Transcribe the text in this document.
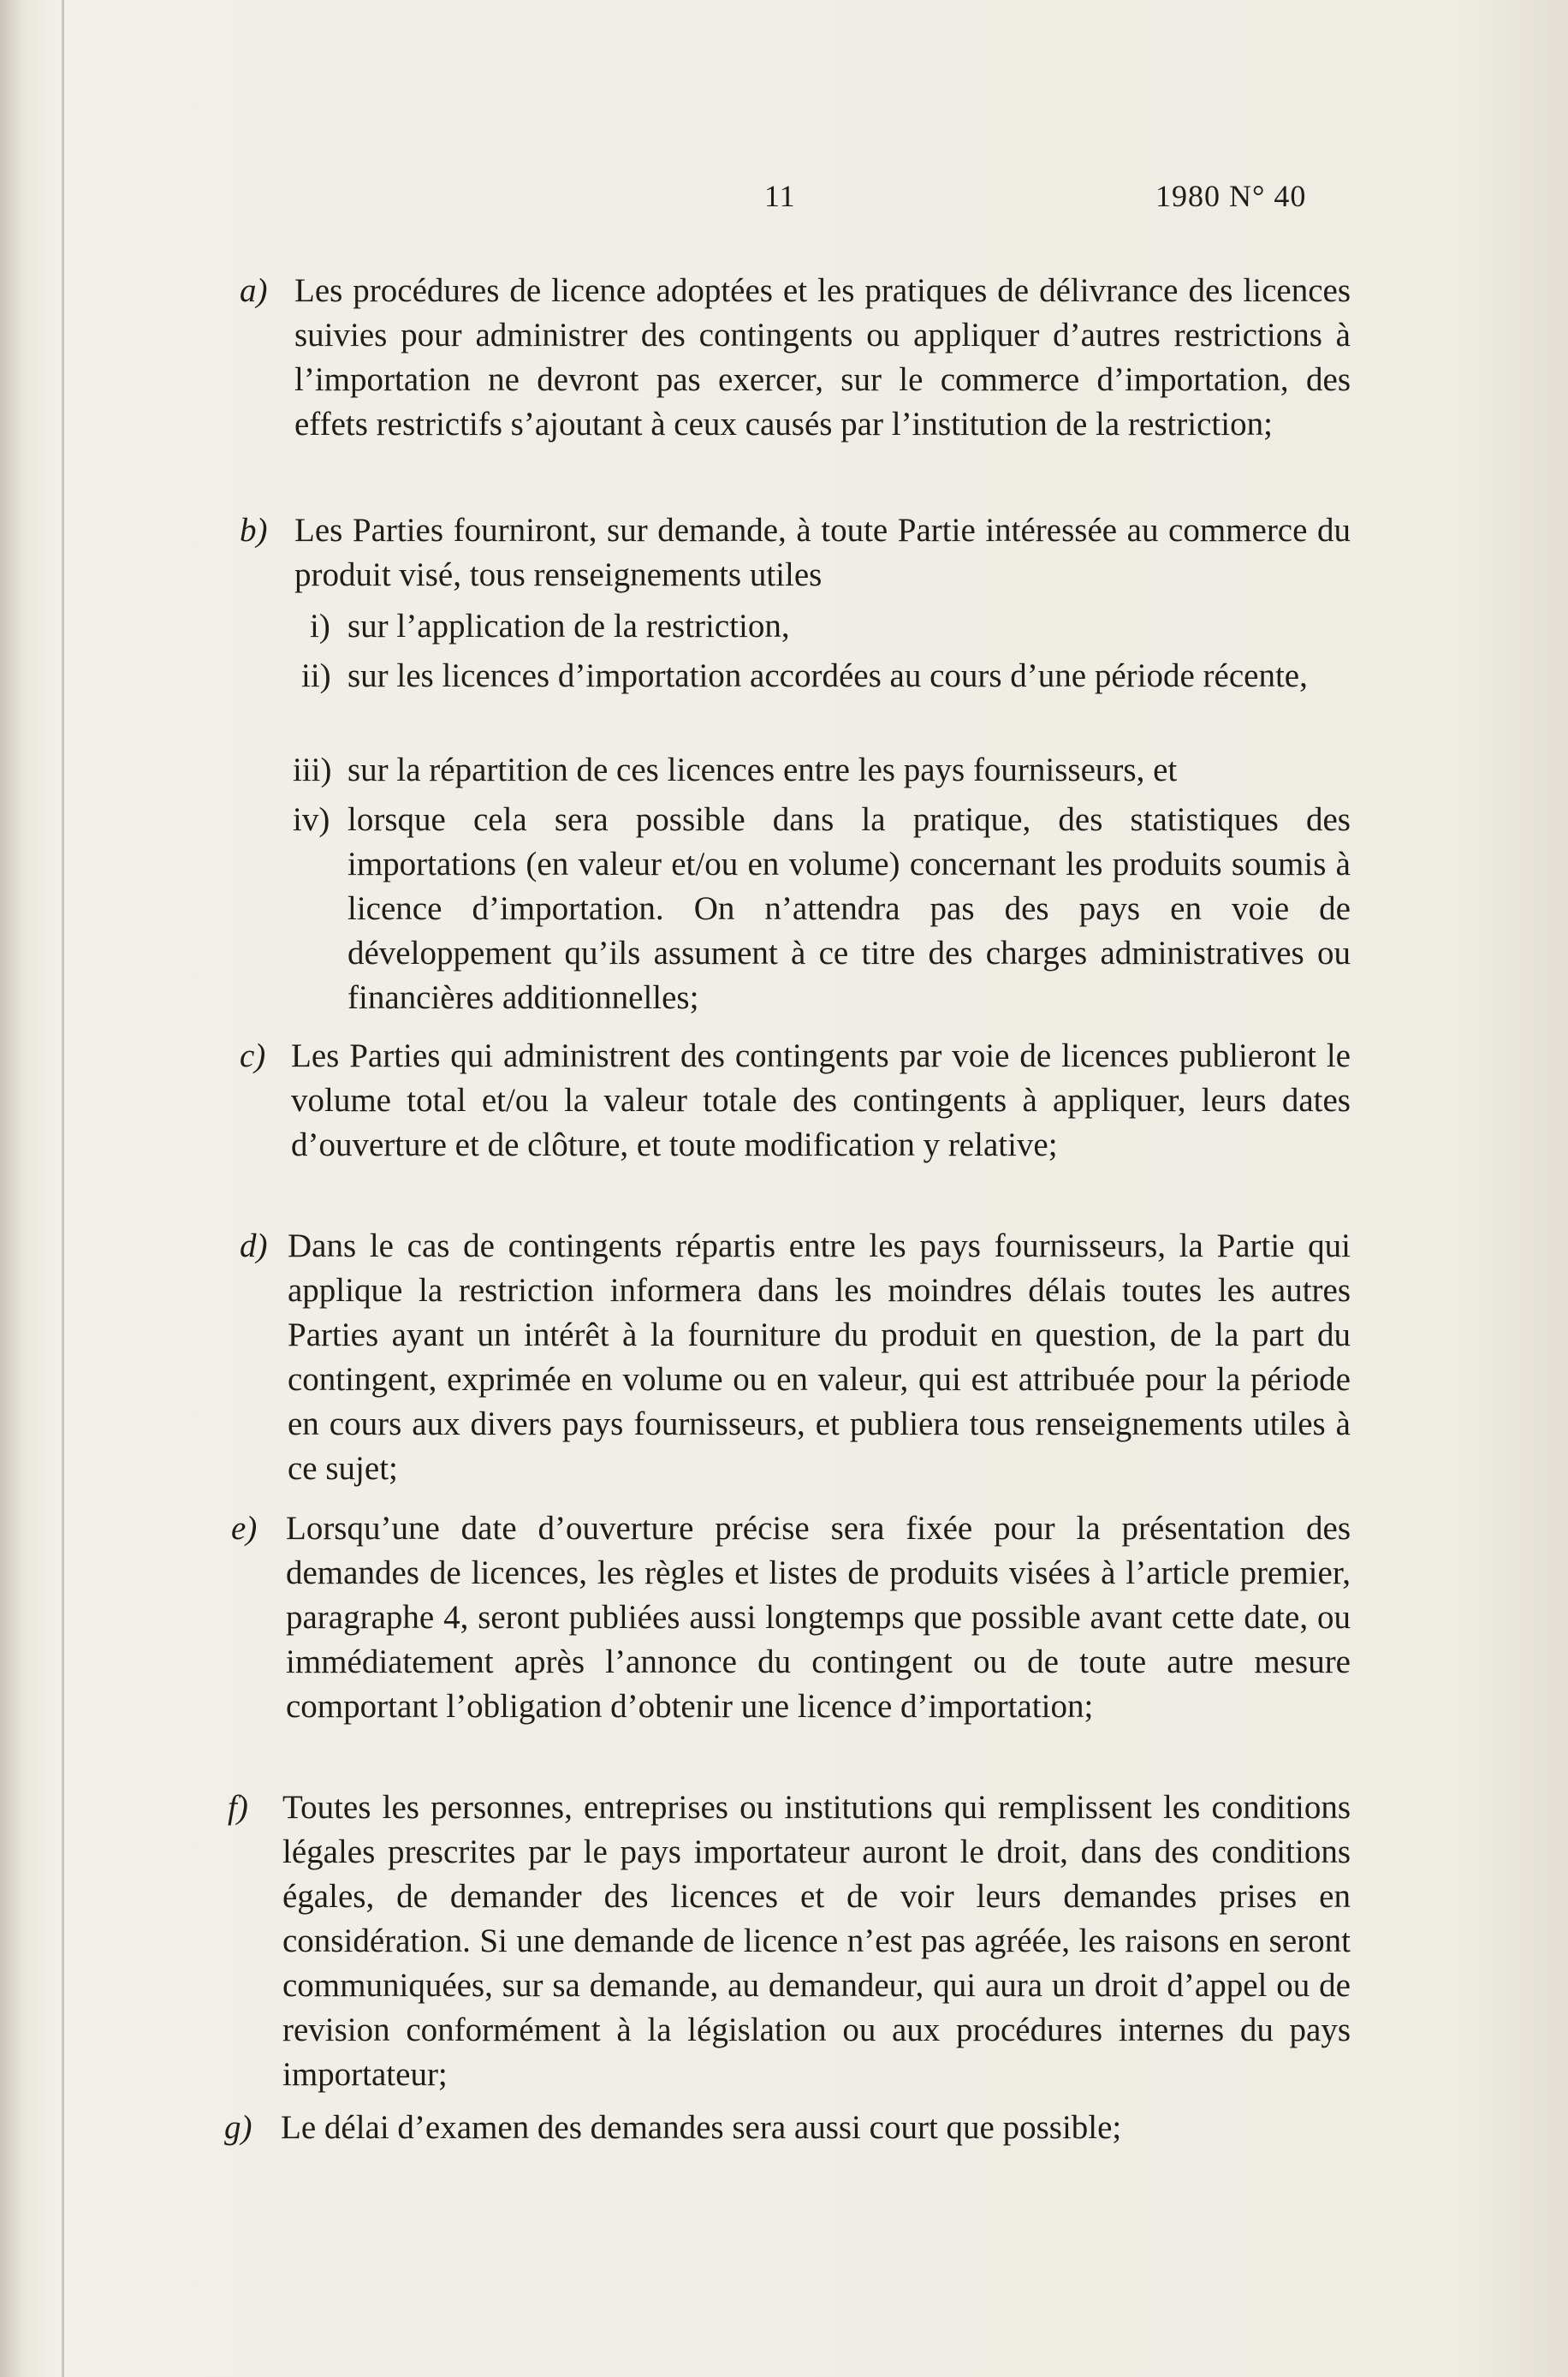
11	1980 N° 40
a) Les procédures de licence adoptées et les pratiques de délivrance des licences suivies pour administrer des contingents ou appliquer d’autres restrictions à l’importation ne devront pas exercer, sur le commerce d’importation, des effets restrictifs s’ajoutant à ceux causés par l’institution de la restriction;
b) Les Parties fourniront, sur demande, à toute Partie intéressée au commerce du produit visé, tous renseignements utiles
i) sur l’application de la restriction,
ii) sur les licences d’importation accordées au cours d’une période récente,
iii) sur la répartition de ces licences entre les pays fournisseurs, et
iv) lorsque cela sera possible dans la pratique, des statistiques des importations (en valeur et/ou en volume) concernant les produits soumis à licence d’importation. On n’attendra pas des pays en voie de développement qu’ils assument à ce titre des charges administratives ou financières additionnelles;
c) Les Parties qui administrent des contingents par voie de licences publieront le volume total et/ou la valeur totale des contingents à appliquer, leurs dates d’ouverture et de clôture, et toute modification y relative;
d) Dans le cas de contingents répartis entre les pays fournisseurs, la Partie qui applique la restriction informera dans les moindres délais toutes les autres Parties ayant un intérêt à la fourniture du produit en question, de la part du contingent, exprimée en volume ou en valeur, qui est attribuée pour la période en cours aux divers pays fournisseurs, et publiera tous renseignements utiles à ce sujet;
e) Lorsqu’une date d’ouverture précise sera fixée pour la présentation des demandes de licences, les règles et listes de produits visées à l’article premier, paragraphe 4, seront publiées aussi longtemps que possible avant cette date, ou immédiatement après l’annonce du contingent ou de toute autre mesure comportant l’obligation d’obtenir une licence d’importation;
f) Toutes les personnes, entreprises ou institutions qui remplissent les conditions légales prescrites par le pays importateur auront le droit, dans des conditions égales, de demander des licences et de voir leurs demandes prises en considération. Si une demande de licence n’est pas agréée, les raisons en seront communiquées, sur sa demande, au demandeur, qui aura un droit d’appel ou de revision conformément à la législation ou aux procédures internes du pays importateur;
g) Le délai d’examen des demandes sera aussi court que possible;
